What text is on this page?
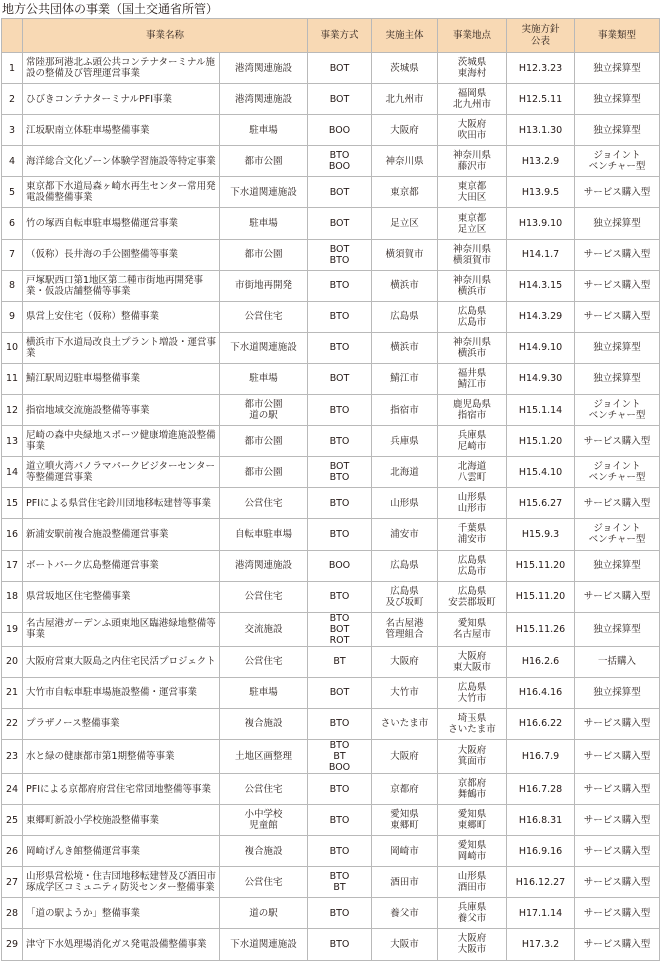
地方公共団体の事業（国土交通省所管）
	事業名称		事業方式	実施主体	事業地点	実施方針
公表	事業類型
1	常陸那珂港北ふ頭公共コンテナターミナル施設の整備及び管理運営事業	港湾関連施設	BOT	茨城県	茨城県
東海村	H12.3.23	独立採算型
2	ひびきコンテナターミナルPFI事業	港湾関連施設	BOT	北九州市	福岡県
北九州市	H12.5.11	独立採算型
3	江坂駅南立体駐車場整備事業	駐車場	BOO	大阪府	大阪府
吹田市	H13.1.30	独立採算型
4	海洋総合文化ゾーン体験学習施設等特定事業	都市公園	BTO
BOO	神奈川県	神奈川県
藤沢市	H13.2.9	ジョイント
ベンチャー型

5	東京都下水道局森ヶ崎水再生センター常用発電設備整備事業	下水道関連施設	BOT	東京都	東京都
大田区	H13.9.5	サービス購入型
6	竹の塚西自転車駐車場整備運営事業	駐車場	BOT	足立区	東京都
足立区	H13.9.10	独立採算型
7	（仮称）長井海の手公園整備等事業	都市公園	BOT
BTO	横須賀市	神奈川県
横須賀市	H14.1.7	サービス購入型
8	戸塚駅西口第1地区第二種市街地再開発事業・仮設店舗整備等事業	市街地再開発	BTO	横浜市	神奈川県
横浜市	H14.3.15	サービス購入型
9	県営上安住宅（仮称）整備事業	公営住宅	BTO	広島県	広島県
広島市	H14.3.29	サービス購入型
10	横浜市下水道局改良土プラント増設・運営事業	下水道関連施設	BTO	横浜市	神奈川県
横浜市	H14.9.10	独立採算型
11	鯖江駅周辺駐車場整備事業	駐車場	BOT	鯖江市	福井県
鯖江市	H14.9.30	独立採算型
12	指宿地域交流施設整備等事業	都市公園
道の駅	BTO	指宿市	鹿児島県
指宿市	H15.1.14	ジョイント
ベンチャー型

13	尼崎の森中央緑地スポーツ健康増進施設整備事業	都市公園	BTO	兵庫県	兵庫県
尼崎市	H15.1.20	サービス購入型
14	道立噴火湾パノラマパークビジターセンター等整備運営事業	都市公園	BOT
BTO	北海道	北海道
八雲町	H15.4.10	ジョイント
ベンチャー型

15	PFIによる県営住宅鈴川団地移転建替等事業	公営住宅	BTO	山形県	山形県
山形市	H15.6.27	サービス購入型
16	新浦安駅前複合施設整備運営事業	自転車駐車場	BTO	浦安市	千葉県
浦安市	H15.9.3	ジョイント
ベンチャー型

17	ボートパーク広島整備運営事業	港湾関連施設	BOO	広島県	広島県
広島市	H15.11.20	独立採算型
18	県営坂地区住宅整備事業	公営住宅	BTO	広島県
及び坂町	広島県
安芸郡坂町	H15.11.20	サービス購入型
19	名古屋港ガーデンふ頭東地区臨港緑地整備等事業	交流施設	BTO
BOT
ROT	名古屋港
管理組合	愛知県
名古屋市	H15.11.26	独立採算型
20	大阪府営東大阪島之内住宅民活プロジェクト	公営住宅	BT	大阪府	大阪府
東大阪市	H16.2.6	一括購入
21	大竹市自転車駐車場施設整備・運営事業	駐車場	BOT	大竹市	広島県
大竹市	H16.4.16	独立採算型
22	プラザノース整備事業	複合施設	BTO	さいたま市	埼玉県
さいたま市	H16.6.22	サービス購入型
23	水と緑の健康都市第1期整備等事業	土地区画整理	BTO
BT
BOO	大阪府	大阪府
箕面市	H16.7.9	サービス購入型
24	PFIによる京都府府営住宅常団地整備等事業	公営住宅	BTO	京都府	京都府
舞鶴市	H16.7.28	サービス購入型
25	東郷町新設小学校施設整備事業	小中学校
児童館	BTO	愛知県
東郷町	愛知県
東郷町	H16.8.31	サービス購入型
26	岡崎げんき館整備運営事業	複合施設	BTO	岡崎市	愛知県
岡崎市	H16.9.16	サービス購入型
27	山形県営松境・住吉団地移転建替及び酒田市琢成学区コミュニティ防災センター整備事業	公営住宅	BTO
BT	酒田市	山形県
酒田市	H16.12.27	サービス購入型
28	「道の駅ようか」整備事業	道の駅	BTO	養父市	兵庫県
養父市	H17.1.14	サービス購入型
29	津守下水処理場消化ガス発電設備整備事業	下水道関連施設	BTO	大阪市	大阪府
大阪市	H17.3.2	サービス購入型
